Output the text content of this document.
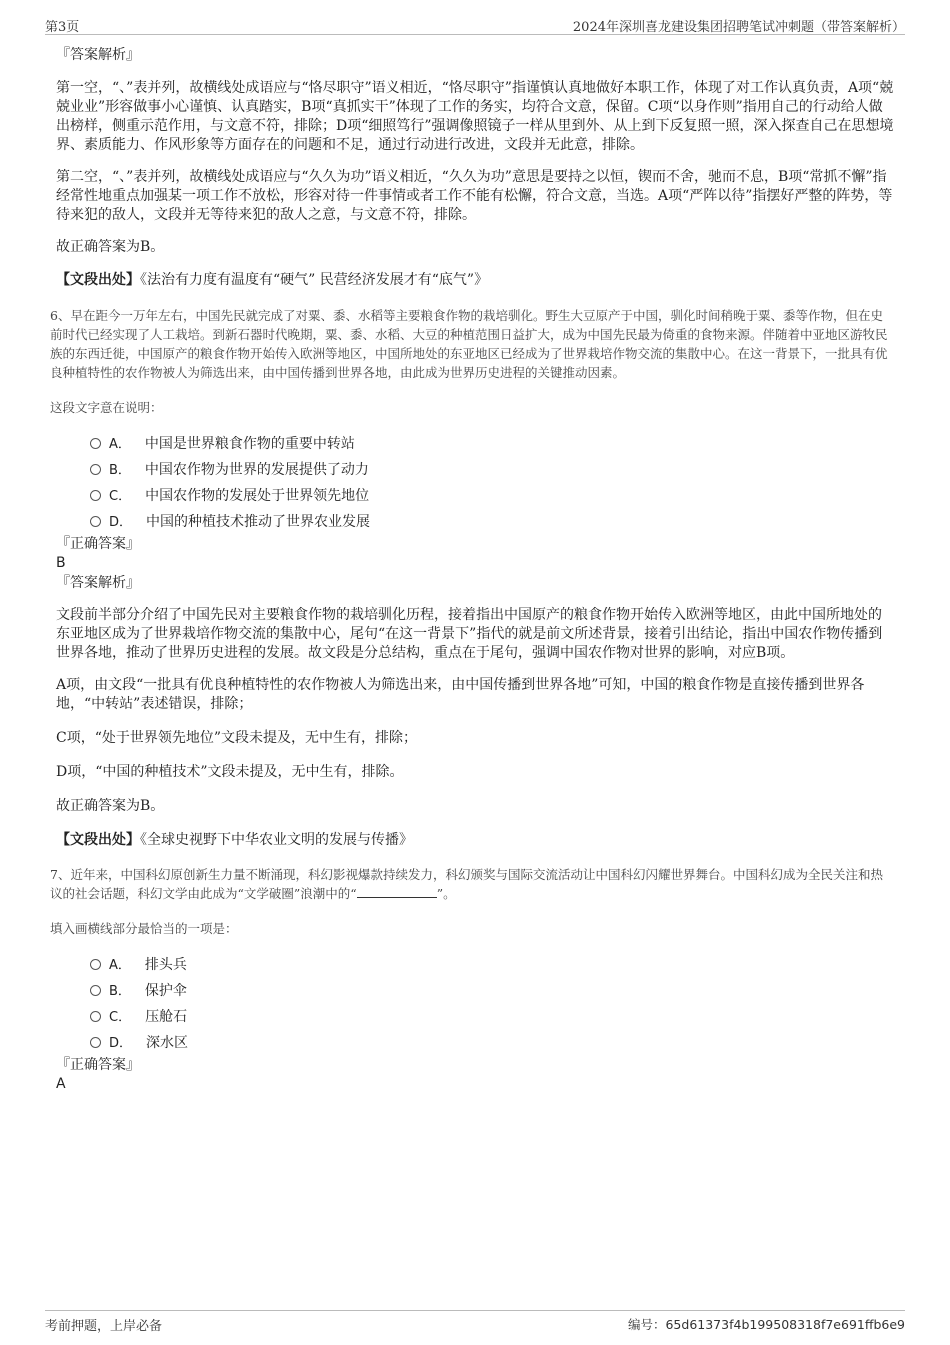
第3页	2024年深圳喜龙建设集团招聘笔试冲刺题（带答案解析）
『答案解析』

第一空，“、”表并列，故横线处成语应与“恪尽职守”语义相近，“恪尽职守”指谨慎认真地做好本职工作，体现了对工作认真负责，A项“兢兢业业”形容做事小心谨慎、认真踏实，B项“真抓实干”体现了工作的务实，均符合文意，保留。C项“以身作则”指用自己的行动给人做出榜样，侧重示范作用，与文意不符，排除；D项“细照笃行”强调像照镜子一样从里到外、从上到下反复照一照，深入探查自己在思想境界、素质能力、作风形象等方面存在的问题和不足，通过行动进行改进，文段并无此意，排除。

第二空，“、”表并列，故横线处成语应与“久久为功”语义相近，“久久为功”意思是要持之以恒，锲而不舍，驰而不息，B项“常抓不懈”指经常性地重点加强某一项工作不放松，形容对待一件事情或者工作不能有松懈，符合文意，当选。A项“严阵以待”指摆好严整的阵势，等待来犯的敌人，文段并无等待来犯的敌人之意，与文意不符，排除。

故正确答案为B。

【文段出处】《法治有力度有温度有“硬气” 民营经济发展才有“底气”》

6、早在距今一万年左右，中国先民就完成了对粟、黍、水稻等主要粮食作物的栽培驯化。野生大豆原产于中国，驯化时间稍晚于粟、黍等作物，但在史前时代已经实现了人工栽培。到新石器时代晚期，粟、黍、水稻、大豆的种植范围日益扩大，成为中国先民最为倚重的食物来源。伴随着中亚地区游牧民族的东西迁徙，中国原产的粮食作物开始传入欧洲等地区，中国所地处的东亚地区已经成为了世界栽培作物交流的集散中心。在这一背景下，一批具有优良种植特性的农作物被人为筛选出来，由中国传播到世界各地，由此成为世界历史进程的关键推动因素。

这段文字意在说明：

A． 中国是世界粮食作物的重要中转站
B． 中国农作物为世界的发展提供了动力
C． 中国农作物的发展处于世界领先地位
D． 中国的种植技术推动了世界农业发展
『正确答案』
B
『答案解析』

文段前半部分介绍了中国先民对主要粮食作物的栽培驯化历程，接着指出中国原产的粮食作物开始传入欧洲等地区，由此中国所地处的东亚地区成为了世界栽培作物交流的集散中心，尾句“在这一背景下”指代的就是前文所述背景，接着引出结论，指出中国农作物传播到世界各地，推动了世界历史进程的发展。故文段是分总结构，重点在于尾句，强调中国农作物对世界的影响，对应B项。

A项，由文段“一批具有优良种植特性的农作物被人为筛选出来，由中国传播到世界各地”可知，中国的粮食作物是直接传播到世界各地，“中转站”表述错误，排除；

C项，“处于世界领先地位”文段未提及，无中生有，排除；

D项，“中国的种植技术”文段未提及，无中生有，排除。

故正确答案为B。

【文段出处】《全球史视野下中华农业文明的发展与传播》

7、近年来，中国科幻原创新生力量不断涌现，科幻影视爆款持续发力，科幻颁奖与国际交流活动让中国科幻闪耀世界舞台。中国科幻成为全民关注和热议的社会话题，科幻文学由此成为“文学破圈”浪潮中的“	”。

填入画横线部分最恰当的一项是：

A． 排头兵
B． 保护伞
C． 压舱石
D． 深水区
『正确答案』
A
考前押题，上岸必备	编号：65d61373f4b199508318f7e691ffb6e9
